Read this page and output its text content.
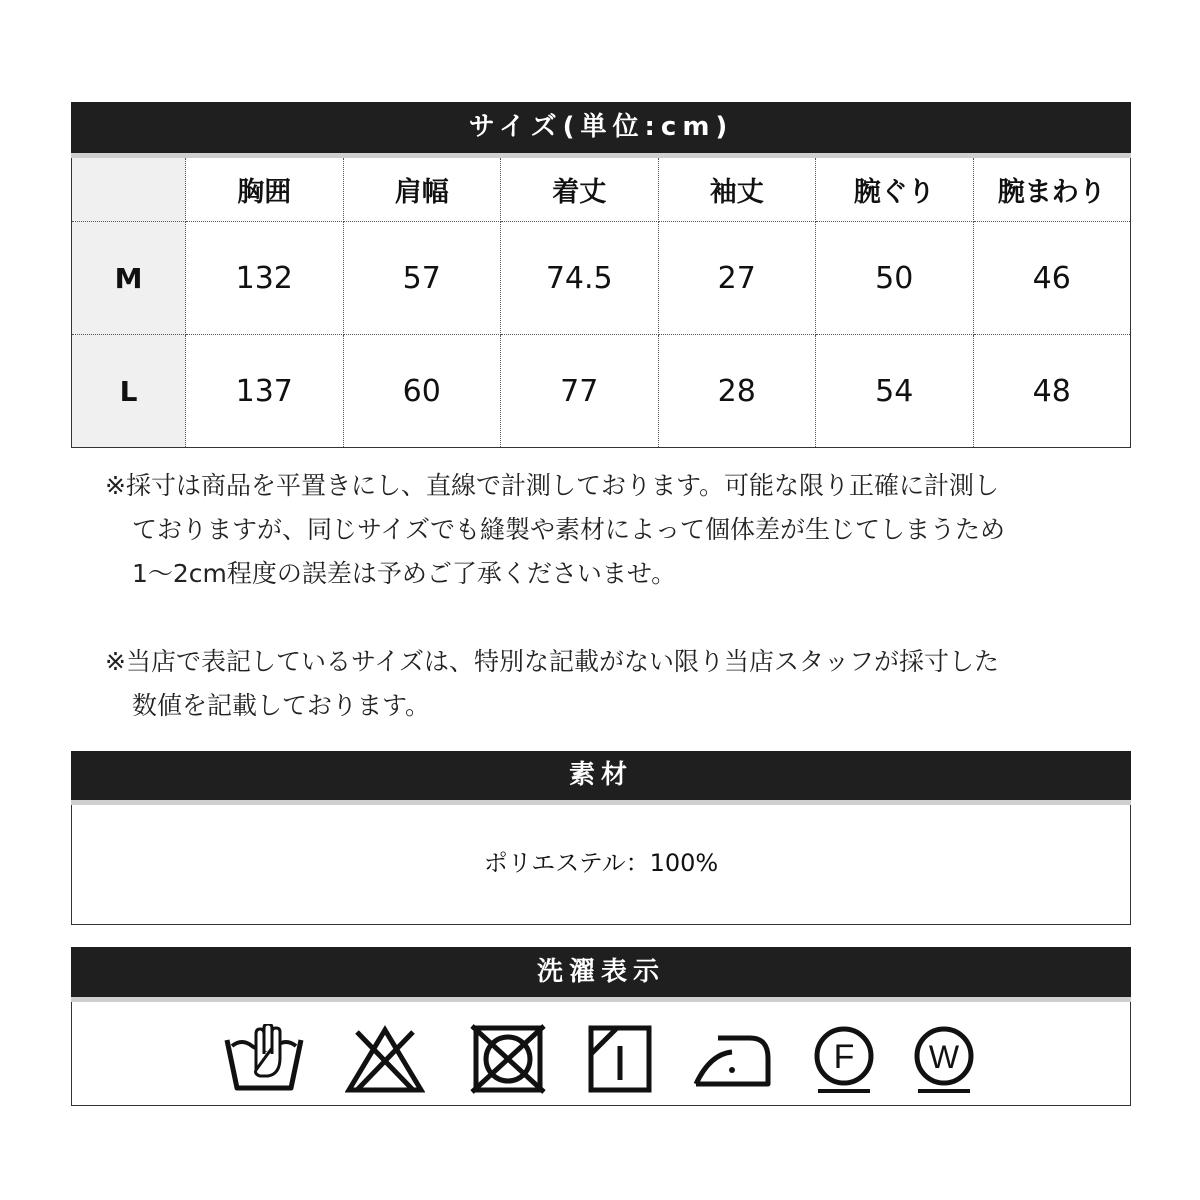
サイズ(単位:cm)
	胸囲	肩幅	着丈	袖丈	腕ぐり	腕まわり
M	132	57	74.5	27	50	46
L	137	60	77	28	54	48
※採寸は商品を平置きにし、直線で計測しております。可能な限り正確に計測し
ておりますが、同じサイズでも縫製や素材によって個体差が生じてしまうため
1〜2cm程度の誤差は予めご了承くださいませ。
※当店で表記しているサイズは、特別な記載がない限り当店スタッフが採寸した
数値を記載しております。
素材
ポリエステル：100%
洗濯表示
F W
